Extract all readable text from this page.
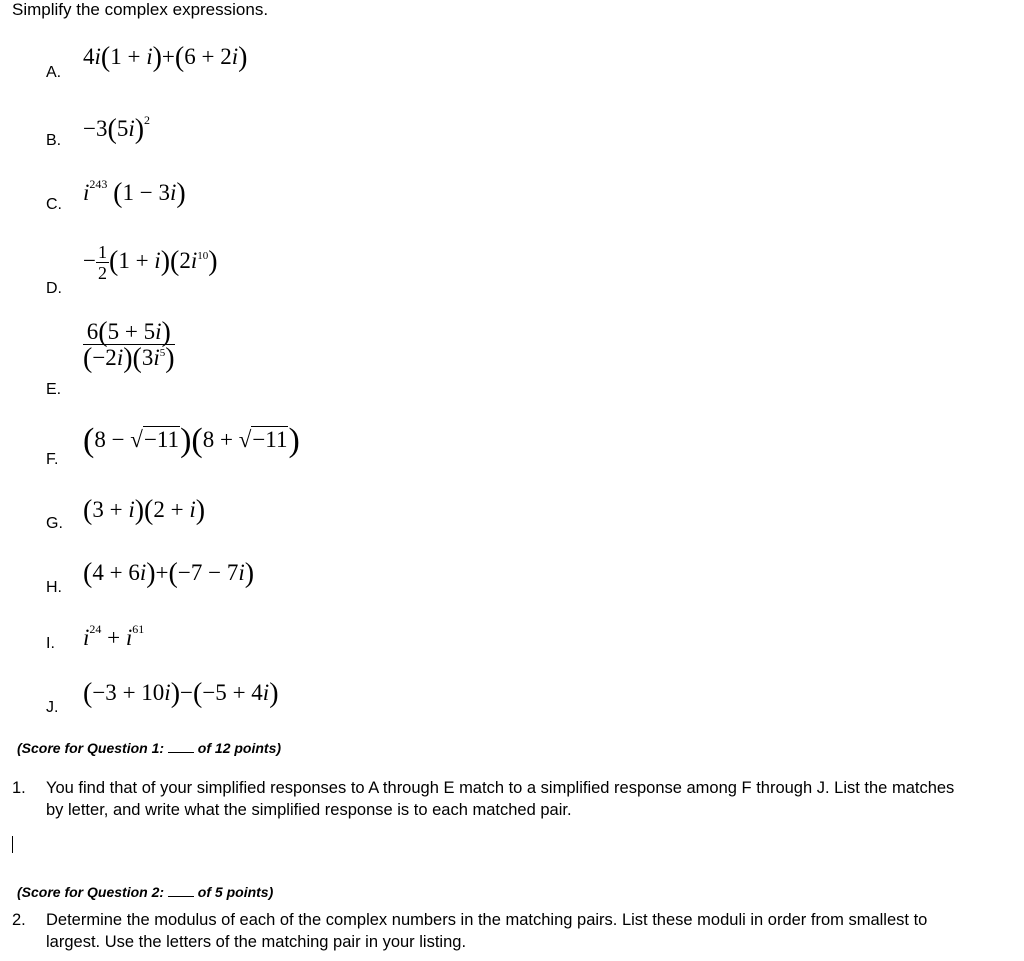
Simplify the complex expressions.
A.
4i(1 + i)+(6 + 2i)
B. $-3(5i)^2$
C. $i^{243}$ (1 − 3i)
D.
− $\frac{1}{2} (1 + i)(2i^{10})$
E.
$\frac{6(5 + 5i)}{(-2i)(3i^5)}$
F.
(8 − √−11)(8 + √−11)
G. (3 + i)(2 + i)
H. (4 + 6i)+(−7 − 7i)
I. $i^{24} + i^{61}$
J. (−3 + 10i)−(−5 + 4i)
(Score for Question 1:  of 12 points)
1. You find that of your simplified responses to A through E match to a simplified response among F through J. List the matches by letter, and write what the simplified response is to each matched pair.
(Score for Question 2:  of 5 points)
2. Determine the modulus of each of the complex numbers in the matching pairs. List these moduli in order from smallest to largest. Use the letters of the matching pair in your listing.
